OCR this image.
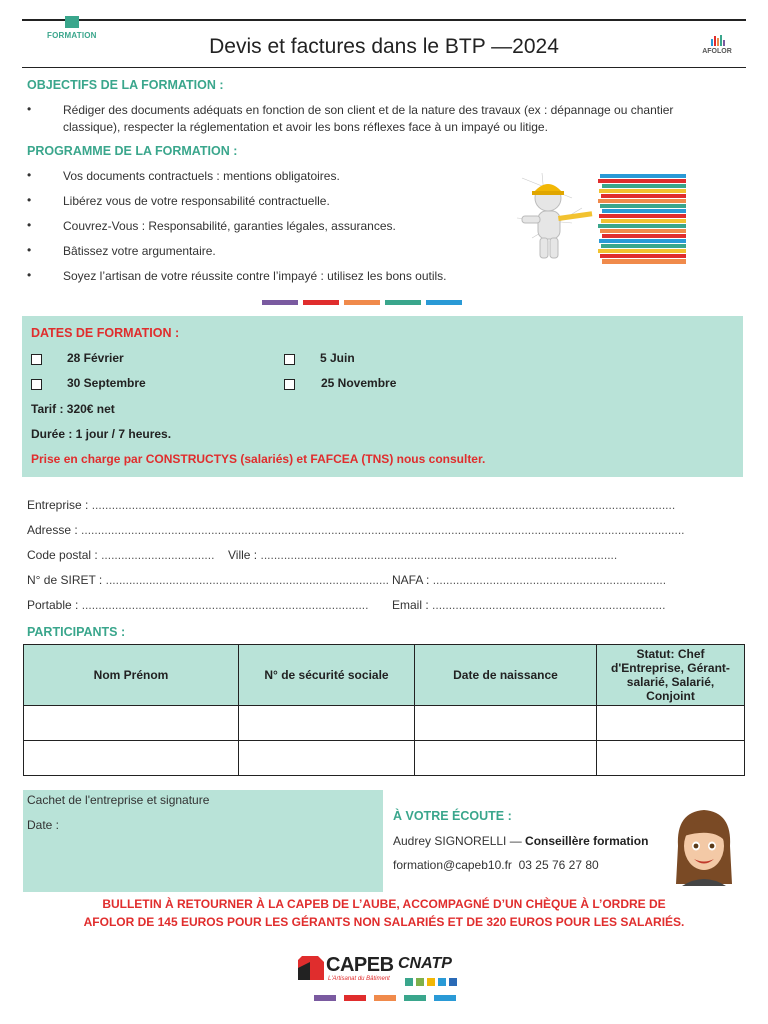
FORMATION	Devis et factures dans le BTP —2024	AFOLOR
OBJECTIFS DE LA FORMATION :
•	Rédiger des documents adéquats en fonction de son client et de la nature des travaux (ex : dépannage ou chantier classique), respecter la réglementation et avoir les bons réflexes face à un impayé ou litige.
PROGRAMME DE LA FORMATION :
•	Vos documents contractuels : mentions obligatoires.
•	Libérez vous de votre responsabilité contractuelle.
•	Couvrez-Vous : Responsabilité, garanties légales, assurances.
•	Bâtissez votre argumentaire.
•	Soyez l’artisan de votre réussite contre l’impayé : utilisez les bons outils.
DATES DE FORMATION :
28 Février	5 Juin
30 Septembre	25 Novembre
Tarif : 320€ net
Durée : 1 jour / 7 heures.
Prise en charge par CONSTRUCTYS (salariés) et FAFCEA (TNS) nous consulter.
Entreprise : ...............................................................................................................................................................................
Adresse : .....................................................................................................................................................................................
Code postal : .................................. Ville : ...........................................................................................................
N° de SIRET : ..................................................................................... NAFA : ......................................................................
Portable : ...................................................................................... Email : ......................................................................
PARTICIPANTS :
Nom Prénom	N° de sécurité sociale	Date de naissance	Statut: Chef d'Entreprise, Gérant-salarié, Salarié, Conjoint

Cachet de l'entreprise et signature
Date :
À VOTRE ÉCOUTE :
Audrey SIGNORELLI — Conseillère formation
formation@capeb10.fr 03 25 76 27 80
BULLETIN À RETOURNER À LA CAPEB DE L’AUBE, ACCOMPAGNÉ D’UN CHÈQUE À L’ORDRE DE
AFOLOR DE 145 EUROS POUR LES GÉRANTS NON SALARIÉS ET DE 320 EUROS POUR LES SALARIÉS.
CAPEB
L'Artisanat du Bâtiment
CNATP
